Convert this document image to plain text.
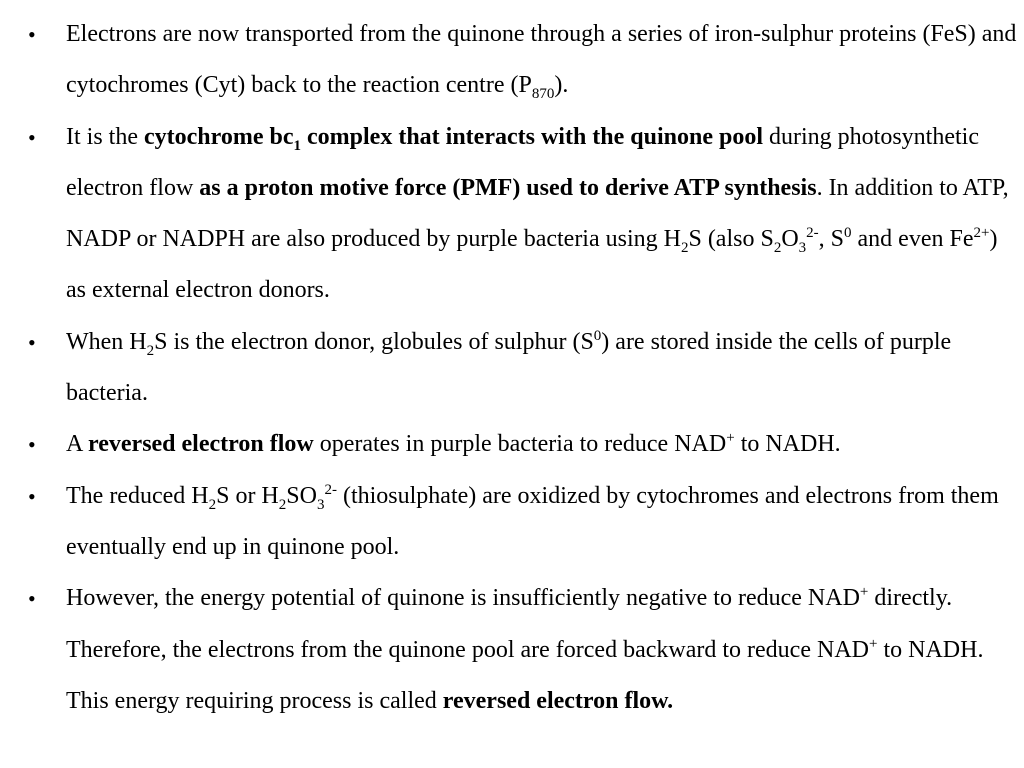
• Electrons are now transported from the quinone through a series of iron-sulphur proteins (FeS) and cytochromes (Cyt) back to the reaction centre $(P_{870})$.
• It is the cytochrome $bc_1$ complex that interacts with the quinone pool during photosynthetic electron flow as a proton motive force (PMF) used to derive ATP synthesis. In addition to ATP, NADP or NADPH are also produced by purple bacteria using $H_2S$ (also $S_2O_3^{2-}$, $S^0$ and even $Fe^{2+}$) as external electron donors.
• When $H_2S$ is the electron donor, globules of sulphur $(S^0)$ are stored inside the cells of purple bacteria.
• A reversed electron flow operates in purple bacteria to reduce NAD+ to NADH.
• The reduced $H_2S$ or $H_2SO_3^{2-}$ (thiosulphate) are oxidized by cytochromes and electrons from them eventually end up in quinone pool.
• However, the energy potential of quinone is insufficiently negative to reduce NAD+ directly. Therefore, the electrons from the quinone pool are forced backward to reduce NAD+ to NADH. This energy requiring process is called reversed electron flow.
